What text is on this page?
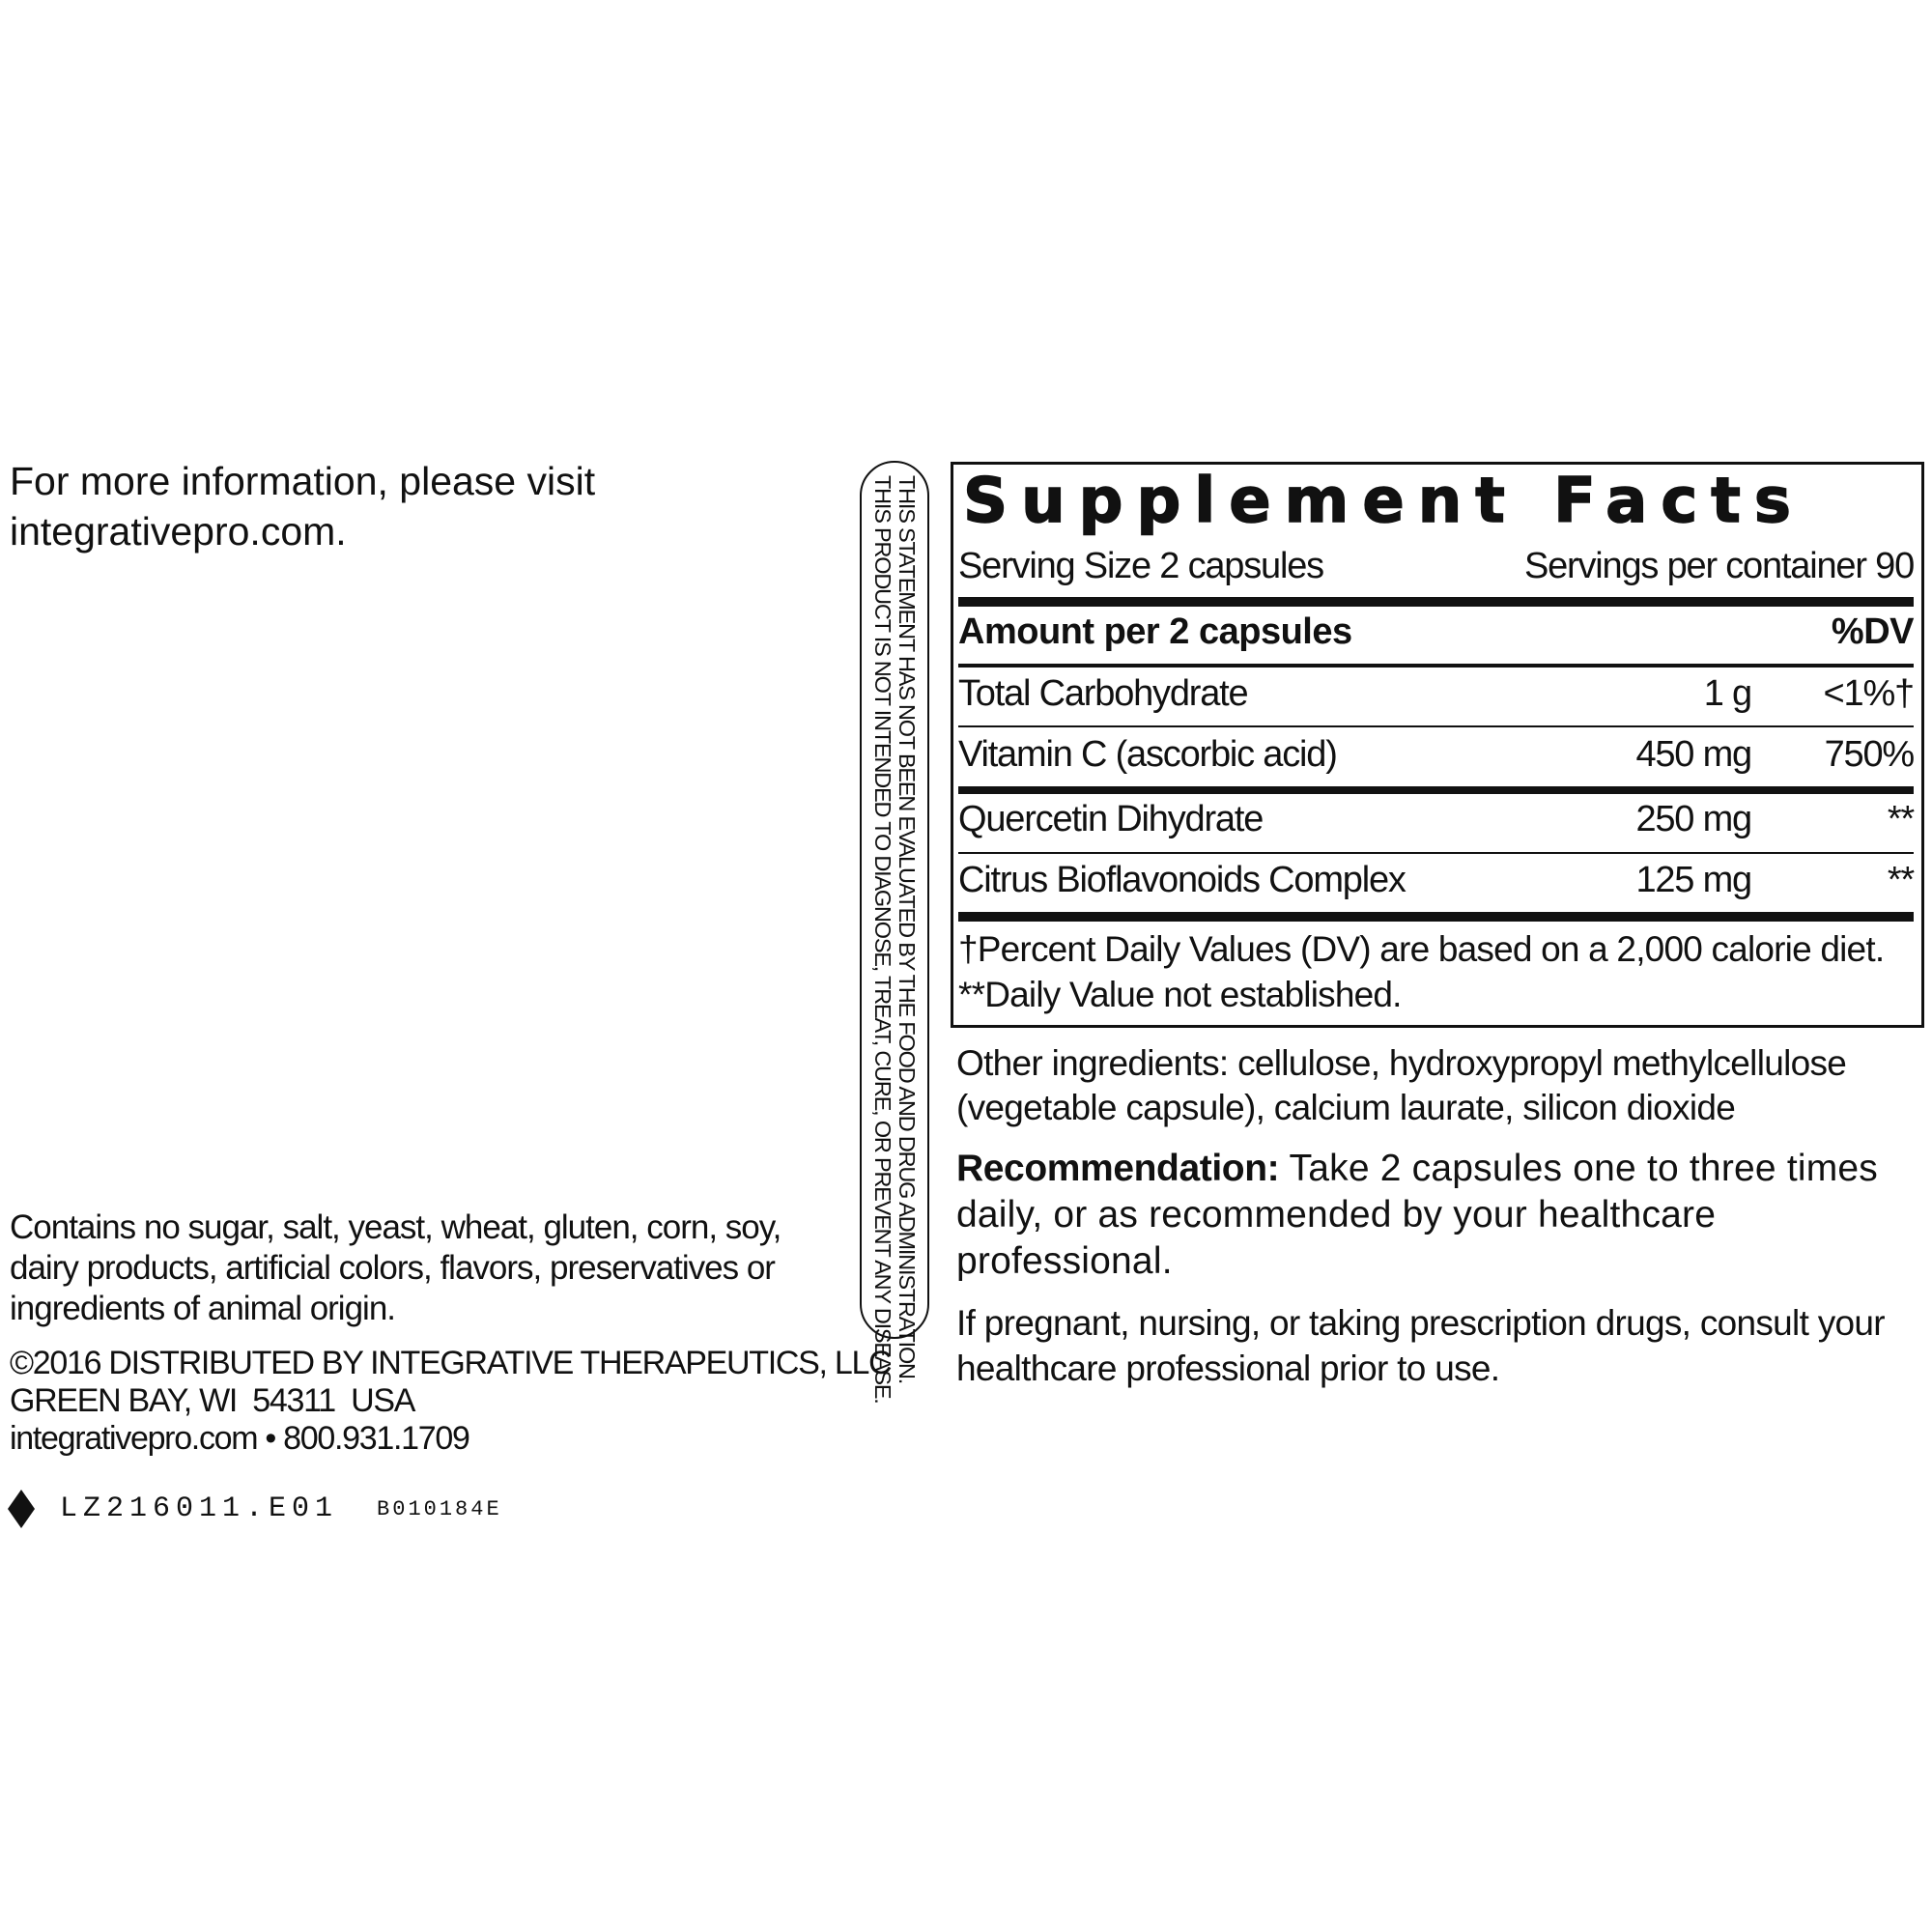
For more information, please visit integrativepro.com.
Contains no sugar, salt, yeast, wheat, gluten, corn, soy, dairy products, artificial colors, flavors, preservatives or ingredients of animal origin.
©2016 DISTRIBUTED BY INTEGRATIVE THERAPEUTICS, LLC
GREEN BAY, WI  54311  USA
integrativepro.com • 800.931.1709
LZ216011.E01 B010184E
THIS STATEMENT HAS NOT BEEN EVALUATED BY THE FOOD AND DRUG ADMINISTRATION.
THIS PRODUCT IS NOT INTENDED TO DIAGNOSE, TREAT, CURE, OR PREVENT ANY DISEASE. Supplement Facts
Serving Size 2 capsules	Servings per container 90
Amount per 2 capsules	%DV
Total Carbohydrate	1 g <1%†
Vitamin C (ascorbic acid)	450 mg 750%
Quercetin Dihydrate	250 mg	**
Citrus Bioflavonoids Complex	125 mg	**
†Percent Daily Values (DV) are based on a 2,000 calorie diet.
**Daily Value not established.
Other ingredients: cellulose, hydroxypropyl methylcellulose (vegetable capsule), calcium laurate, silicon dioxide
Recommendation: Take 2 capsules one to three times daily, or as recommended by your healthcare professional.
If pregnant, nursing, or taking prescription drugs, consult your healthcare professional prior to use.
